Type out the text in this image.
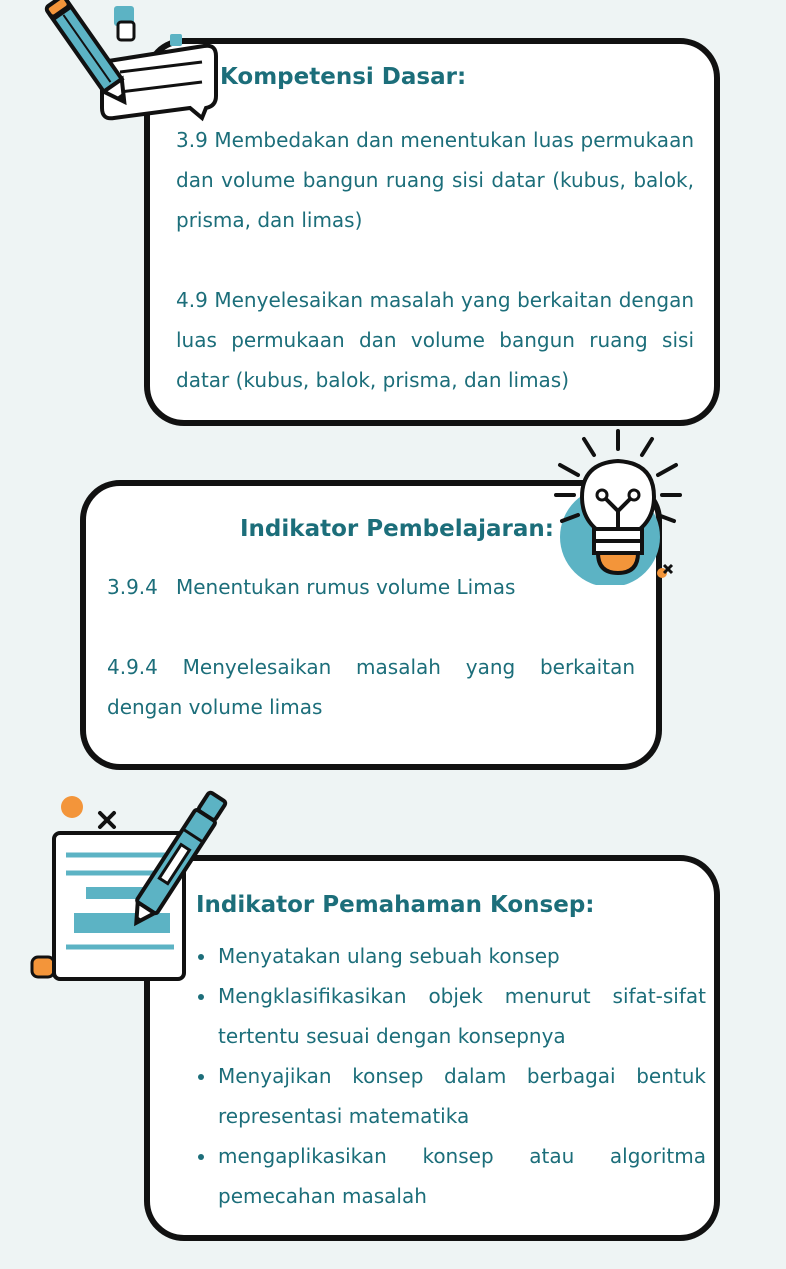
Kompetensi Dasar:

3.9 Membedakan dan menentukan luas permukaan dan volume bangun ruang sisi datar (kubus, balok, prisma, dan limas)

4.9 Menyelesaikan masalah yang berkaitan dengan luas permukaan dan volume bangun ruang sisi datar (kubus, balok, prisma, dan limas)

Indikator Pembelajaran:

3.9.4 Menentukan rumus volume Limas

4.9.4 Menyelesaikan masalah yang berkaitan dengan volume limas

Indikator Pemahaman Konsep:
Menyatakan ulang sebuah konsep
Mengklasifikasikan objek menurut sifat-sifat tertentu sesuai dengan konsepnya
Menyajikan konsep dalam berbagai bentuk representasi matematika
mengaplikasikan konsep atau algoritma pemecahan masalah
